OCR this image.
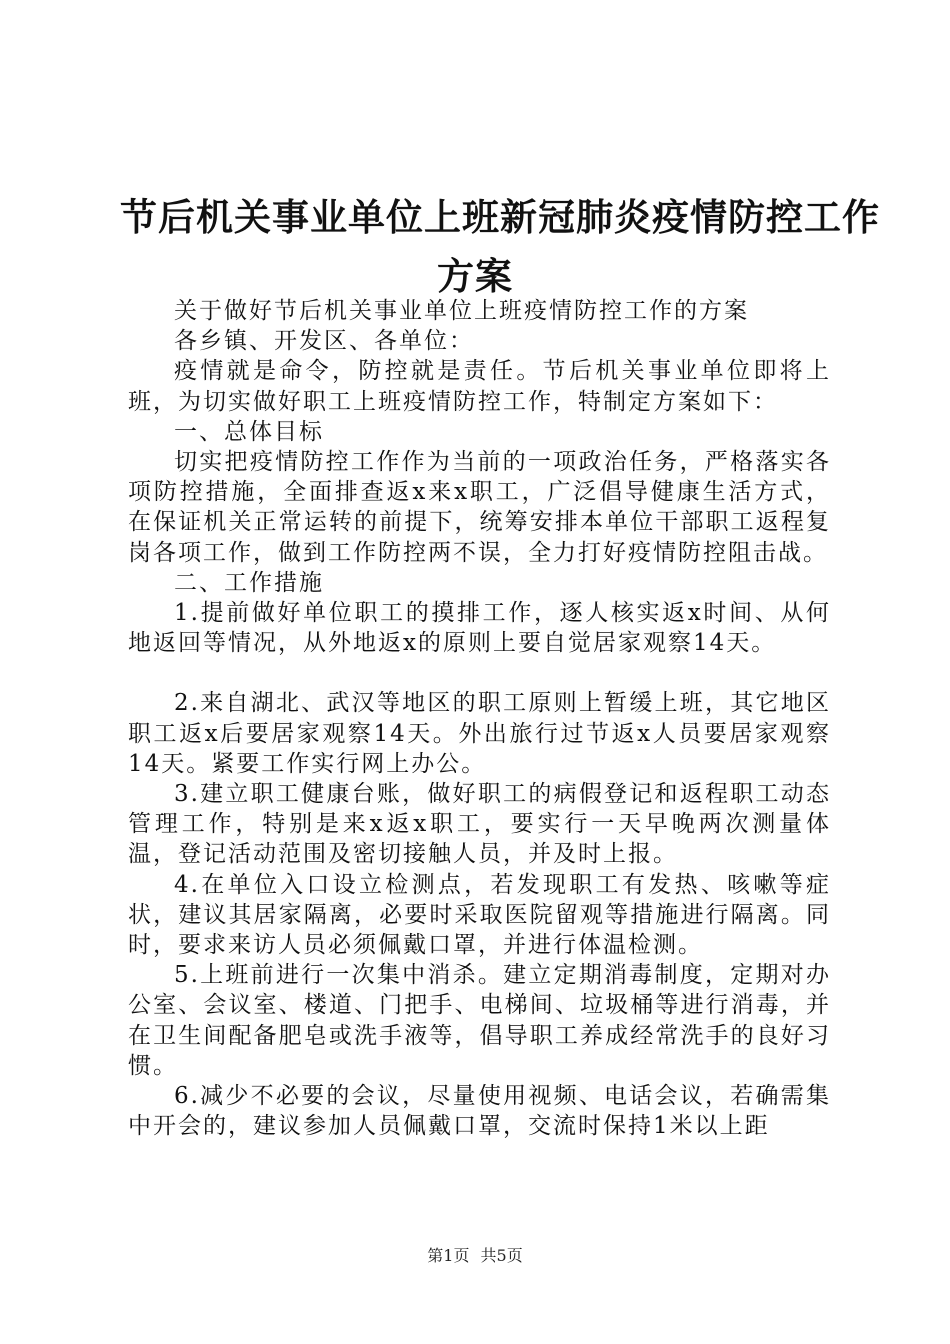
节后机关事业单位上班新冠肺炎疫情防控工作
方案

关于做好节后机关事业单位上班疫情防控工作的方案

各乡镇、开发区、各单位：

疫情就是命令，防控就是责任。节后机关事业单位即将上班，为切实做好职工上班疫情防控工作，特制定方案如下：

一、总体目标

切实把疫情防控工作作为当前的一项政治任务，严格落实各项防控措施，全面排查返x来x职工，广泛倡导健康生活方式，在保证机关正常运转的前提下，统筹安排本单位干部职工返程复岗各项工作，做到工作防控两不误，全力打好疫情防控阻击战。

二、工作措施

1.提前做好单位职工的摸排工作，逐人核实返x时间、从何地返回等情况，从外地返x的原则上要自觉居家观察14天。

2.来自湖北、武汉等地区的职工原则上暂缓上班，其它地区职工返x后要居家观察14天。外出旅行过节返x人员要居家观察14天。紧要工作实行网上办公。

3.建立职工健康台账，做好职工的病假登记和返程职工动态管理工作，特别是来x返x职工，要实行一天早晚两次测量体温，登记活动范围及密切接触人员，并及时上报。

4.在单位入口设立检测点，若发现职工有发热、咳嗽等症状，建议其居家隔离，必要时采取医院留观等措施进行隔离。同时，要求来访人员必须佩戴口罩，并进行体温检测。

5.上班前进行一次集中消杀。建立定期消毒制度，定期对办公室、会议室、楼道、门把手、电梯间、垃圾桶等进行消毒，并在卫生间配备肥皂或洗手液等，倡导职工养成经常洗手的良好习惯。

6.减少不必要的会议，尽量使用视频、电话会议，若确需集中开会的，建议参加人员佩戴口罩，交流时保持1米以上距

第1页 共5页
